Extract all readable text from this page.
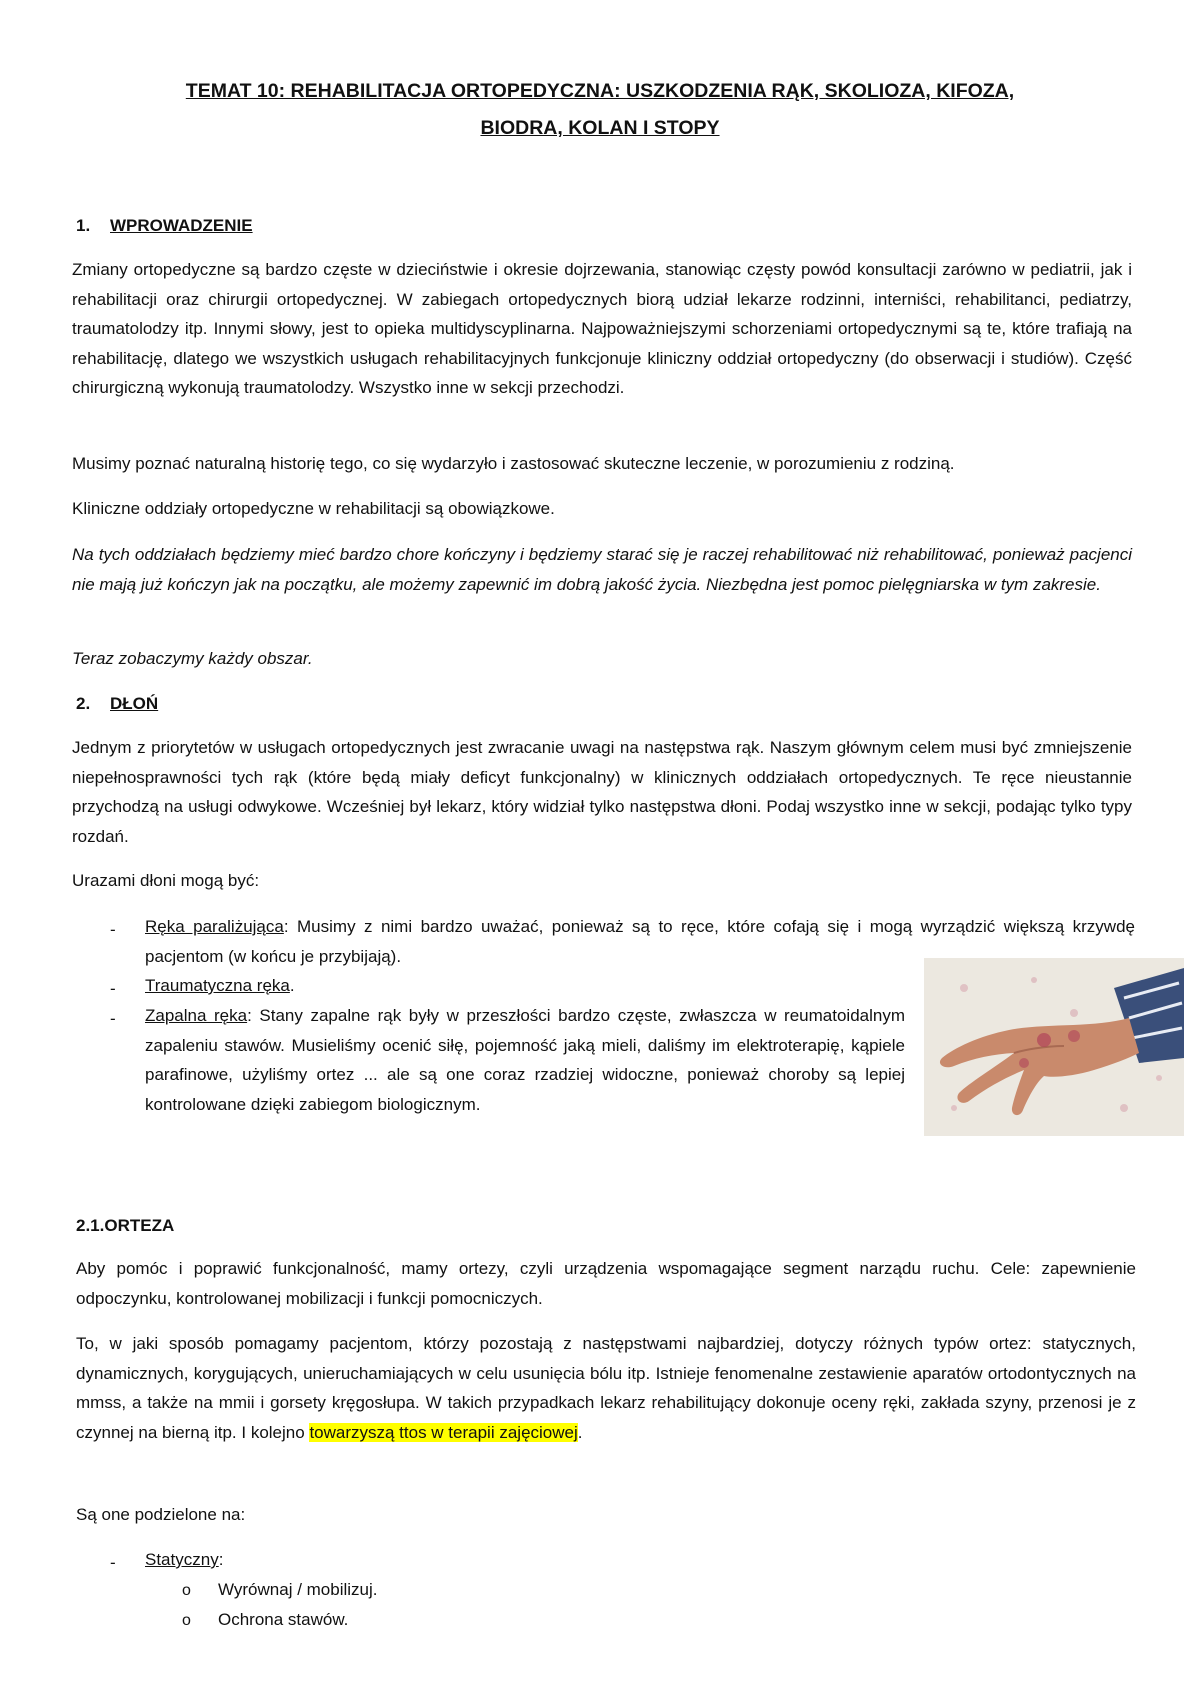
TEMAT 10: REHABILITACJA ORTOPEDYCZNA: USZKODZENIA RĄK, SKOLIOZA, KIFOZA,
BIODRA, KOLAN I STOPY
1. WPROWADZENIE
Zmiany ortopedyczne są bardzo częste w dzieciństwie i okresie dojrzewania, stanowiąc częsty powód konsultacji zarówno w pediatrii, jak i rehabilitacji oraz chirurgii ortopedycznej. W zabiegach ortopedycznych biorą udział lekarze rodzinni, interniści, rehabilitanci, pediatrzy, traumatolodzy itp. Innymi słowy, jest to opieka multidyscyplinarna. Najpoważniejszymi schorzeniami ortopedycznymi są te, które trafiają na rehabilitację, dlatego we wszystkich usługach rehabilitacyjnych funkcjonuje kliniczny oddział ortopedyczny (do obserwacji i studiów). Część chirurgiczną wykonują traumatolodzy. Wszystko inne w sekcji przechodzi.
Musimy poznać naturalną historię tego, co się wydarzyło i zastosować skuteczne leczenie, w porozumieniu z rodziną.
Kliniczne oddziały ortopedyczne w rehabilitacji są obowiązkowe.
Na tych oddziałach będziemy mieć bardzo chore kończyny i będziemy starać się je raczej rehabilitować niż rehabilitować, ponieważ pacjenci nie mają już kończyn jak na początku, ale możemy zapewnić im dobrą jakość życia. Niezbędna jest pomoc pielęgniarska w tym zakresie.
Teraz zobaczymy każdy obszar.
2. DŁOŃ
Jednym z priorytetów w usługach ortopedycznych jest zwracanie uwagi na następstwa rąk. Naszym głównym celem musi być zmniejszenie niepełnosprawności tych rąk (które będą miały deficyt funkcjonalny) w klinicznych oddziałach ortopedycznych. Te ręce nieustannie przychodzą na usługi odwykowe. Wcześniej był lekarz, który widział tylko następstwa dłoni. Podaj wszystko inne w sekcji, podając tylko typy rozdań.
Urazami dłoni mogą być:
- Ręka paraliżująca: Musimy z nimi bardzo uważać, ponieważ są to ręce, które cofają się i mogą wyrządzić większą krzywdę pacjentom (w końcu je przybijają).
- Traumatyczna ręka.
- Zapalna ręka: Stany zapalne rąk były w przeszłości bardzo częste, zwłaszcza w reumatoidalnym zapaleniu stawów. Musieliśmy ocenić siłę, pojemność jaką mieli, daliśmy im elektroterapię, kąpiele parafinowe, użyliśmy ortez ... ale są one coraz rzadziej widoczne, ponieważ choroby są lepiej kontrolowane dzięki zabiegom biologicznym.
2.1.ORTEZA
Aby pomóc i poprawić funkcjonalność, mamy ortezy, czyli urządzenia wspomagające segment narządu ruchu. Cele: zapewnienie odpoczynku, kontrolowanej mobilizacji i funkcji pomocniczych.
To, w jaki sposób pomagamy pacjentom, którzy pozostają z następstwami najbardziej, dotyczy różnych typów ortez: statycznych, dynamicznych, korygujących, unieruchamiających w celu usunięcia bólu itp. Istnieje fenomenalne zestawienie aparatów ortodontycznych na mmss, a także na mmii i gorsety kręgosłupa. W takich przypadkach lekarz rehabilitujący dokonuje oceny ręki, zakłada szyny, przenosi je z czynnej na bierną itp. I kolejno towarzyszą ttos w terapii zajęciowej.
Są one podzielone na:
- Statyczny:
o Wyrównaj / mobilizuj.
o Ochrona stawów.
